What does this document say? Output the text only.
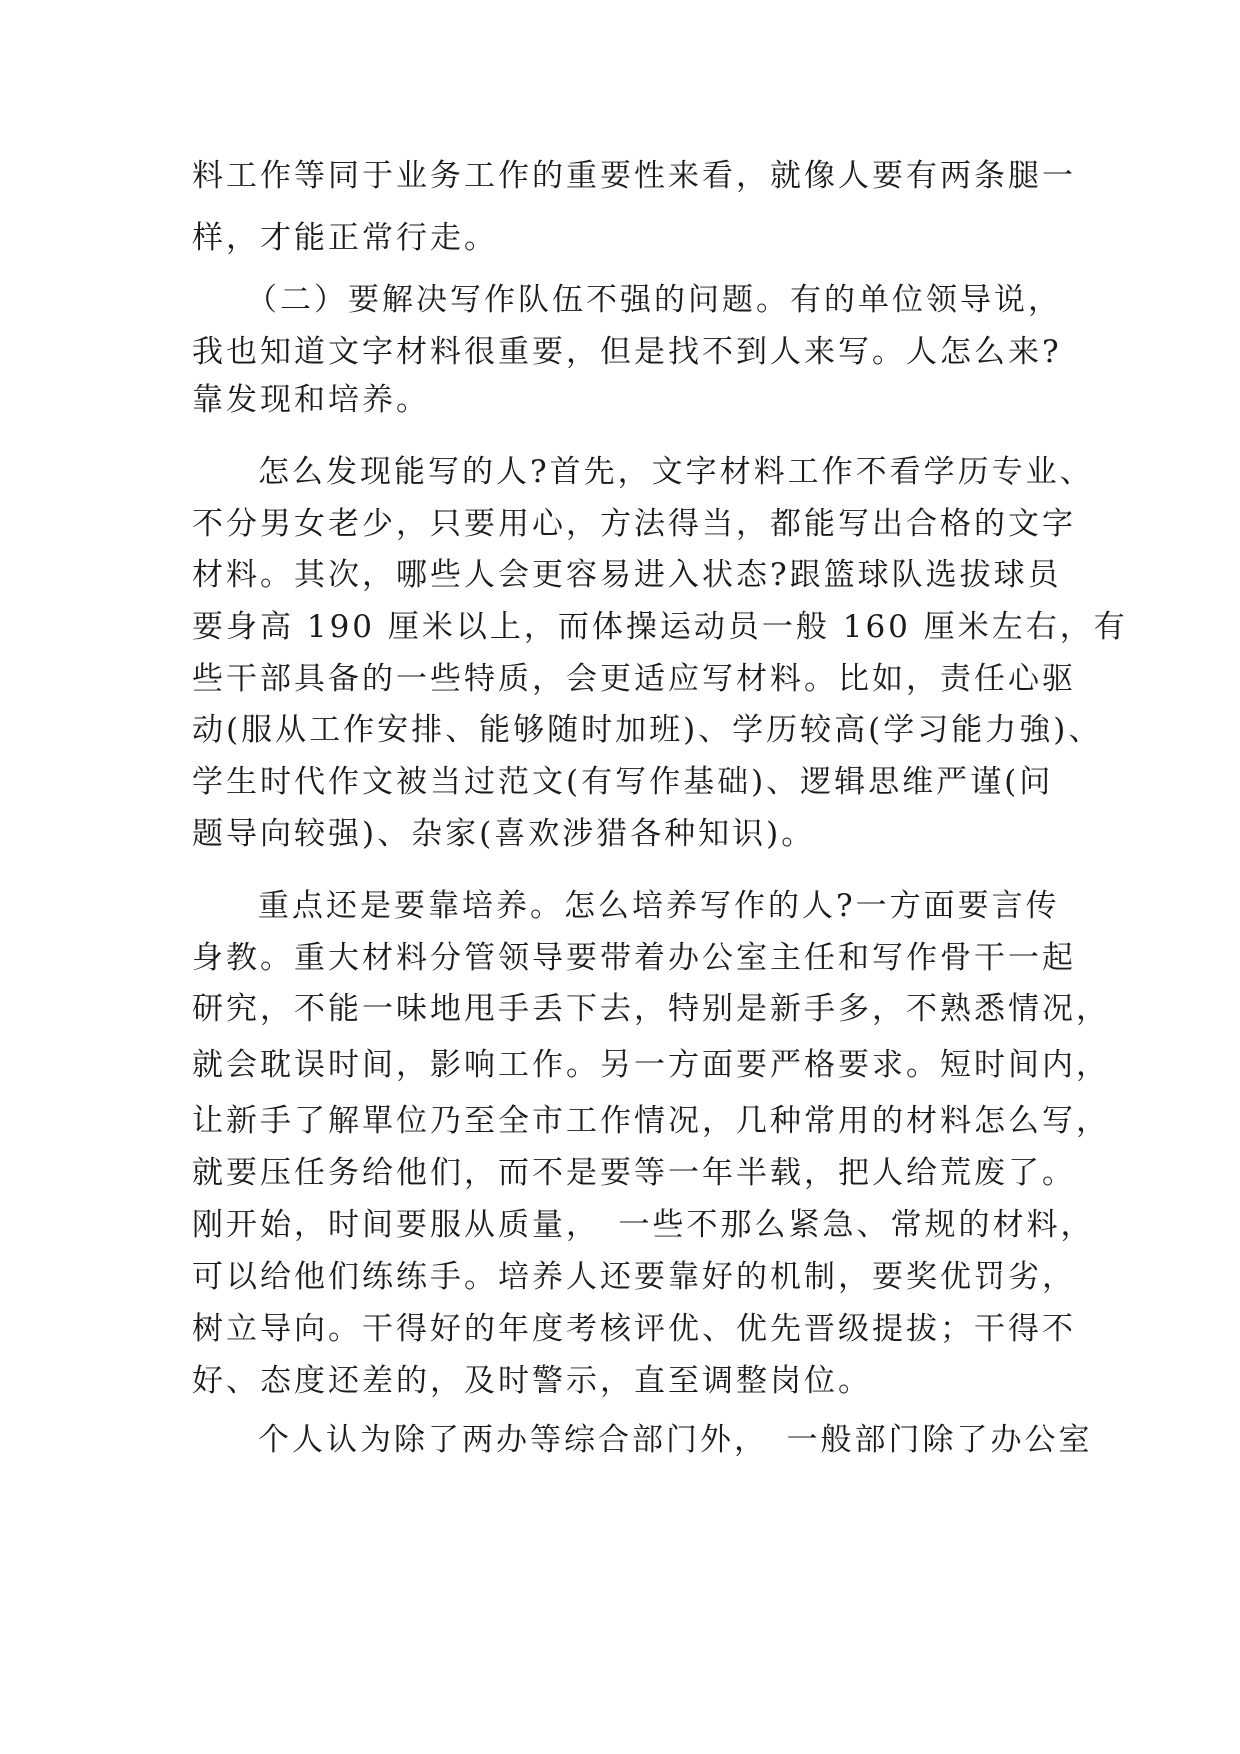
料工作等同于业务工作的重要性来看，就像人要有两条腿一

样，才能正常行走。

（二）要解决写作队伍不强的问题。有的单位领导说，

我也知道文字材料很重要，但是找不到人来写。人怎么来?

靠发现和培养。

怎么发现能写的人?首先，文字材料工作不看学历专业、

不分男女老少，只要用心，方法得当，都能写出合格的文字

材料。其次，哪些人会更容易进入状态?跟篮球队选拔球员

要身高 190 厘米以上，而体操运动员一般 160 厘米左右，有

些干部具备的一些特质，会更适应写材料。比如，责任心驱

动(服从工作安排、能够随时加班)、学历较高(学习能力強)、

学生时代作文被当过范文(有写作基础)、逻辑思维严谨(问

题导向较强)、杂家(喜欢涉猎各种知识)。

重点还是要靠培养。怎么培养写作的人?一方面要言传

身教。重大材料分管领导要带着办公室主任和写作骨干一起

研究，不能一味地甩手丢下去，特别是新手多，不熟悉情况，

就会耽误时间，影响工作。另一方面要严格要求。短时间内，

让新手了解單位乃至全市工作情况，几种常用的材料怎么写，

就要压任务给他们，而不是要等一年半载，把人给荒废了。

刚开始，时间要服从质量，　一些不那么紧急、常规的材料，

可以给他们练练手。培养人还要靠好的机制，要奖优罚劣，

树立导向。干得好的年度考核评优、优先晋级提拔；干得不

好、态度还差的，及时警示，直至调整岗位。

个人认为除了两办等综合部门外，　一般部门除了办公室
